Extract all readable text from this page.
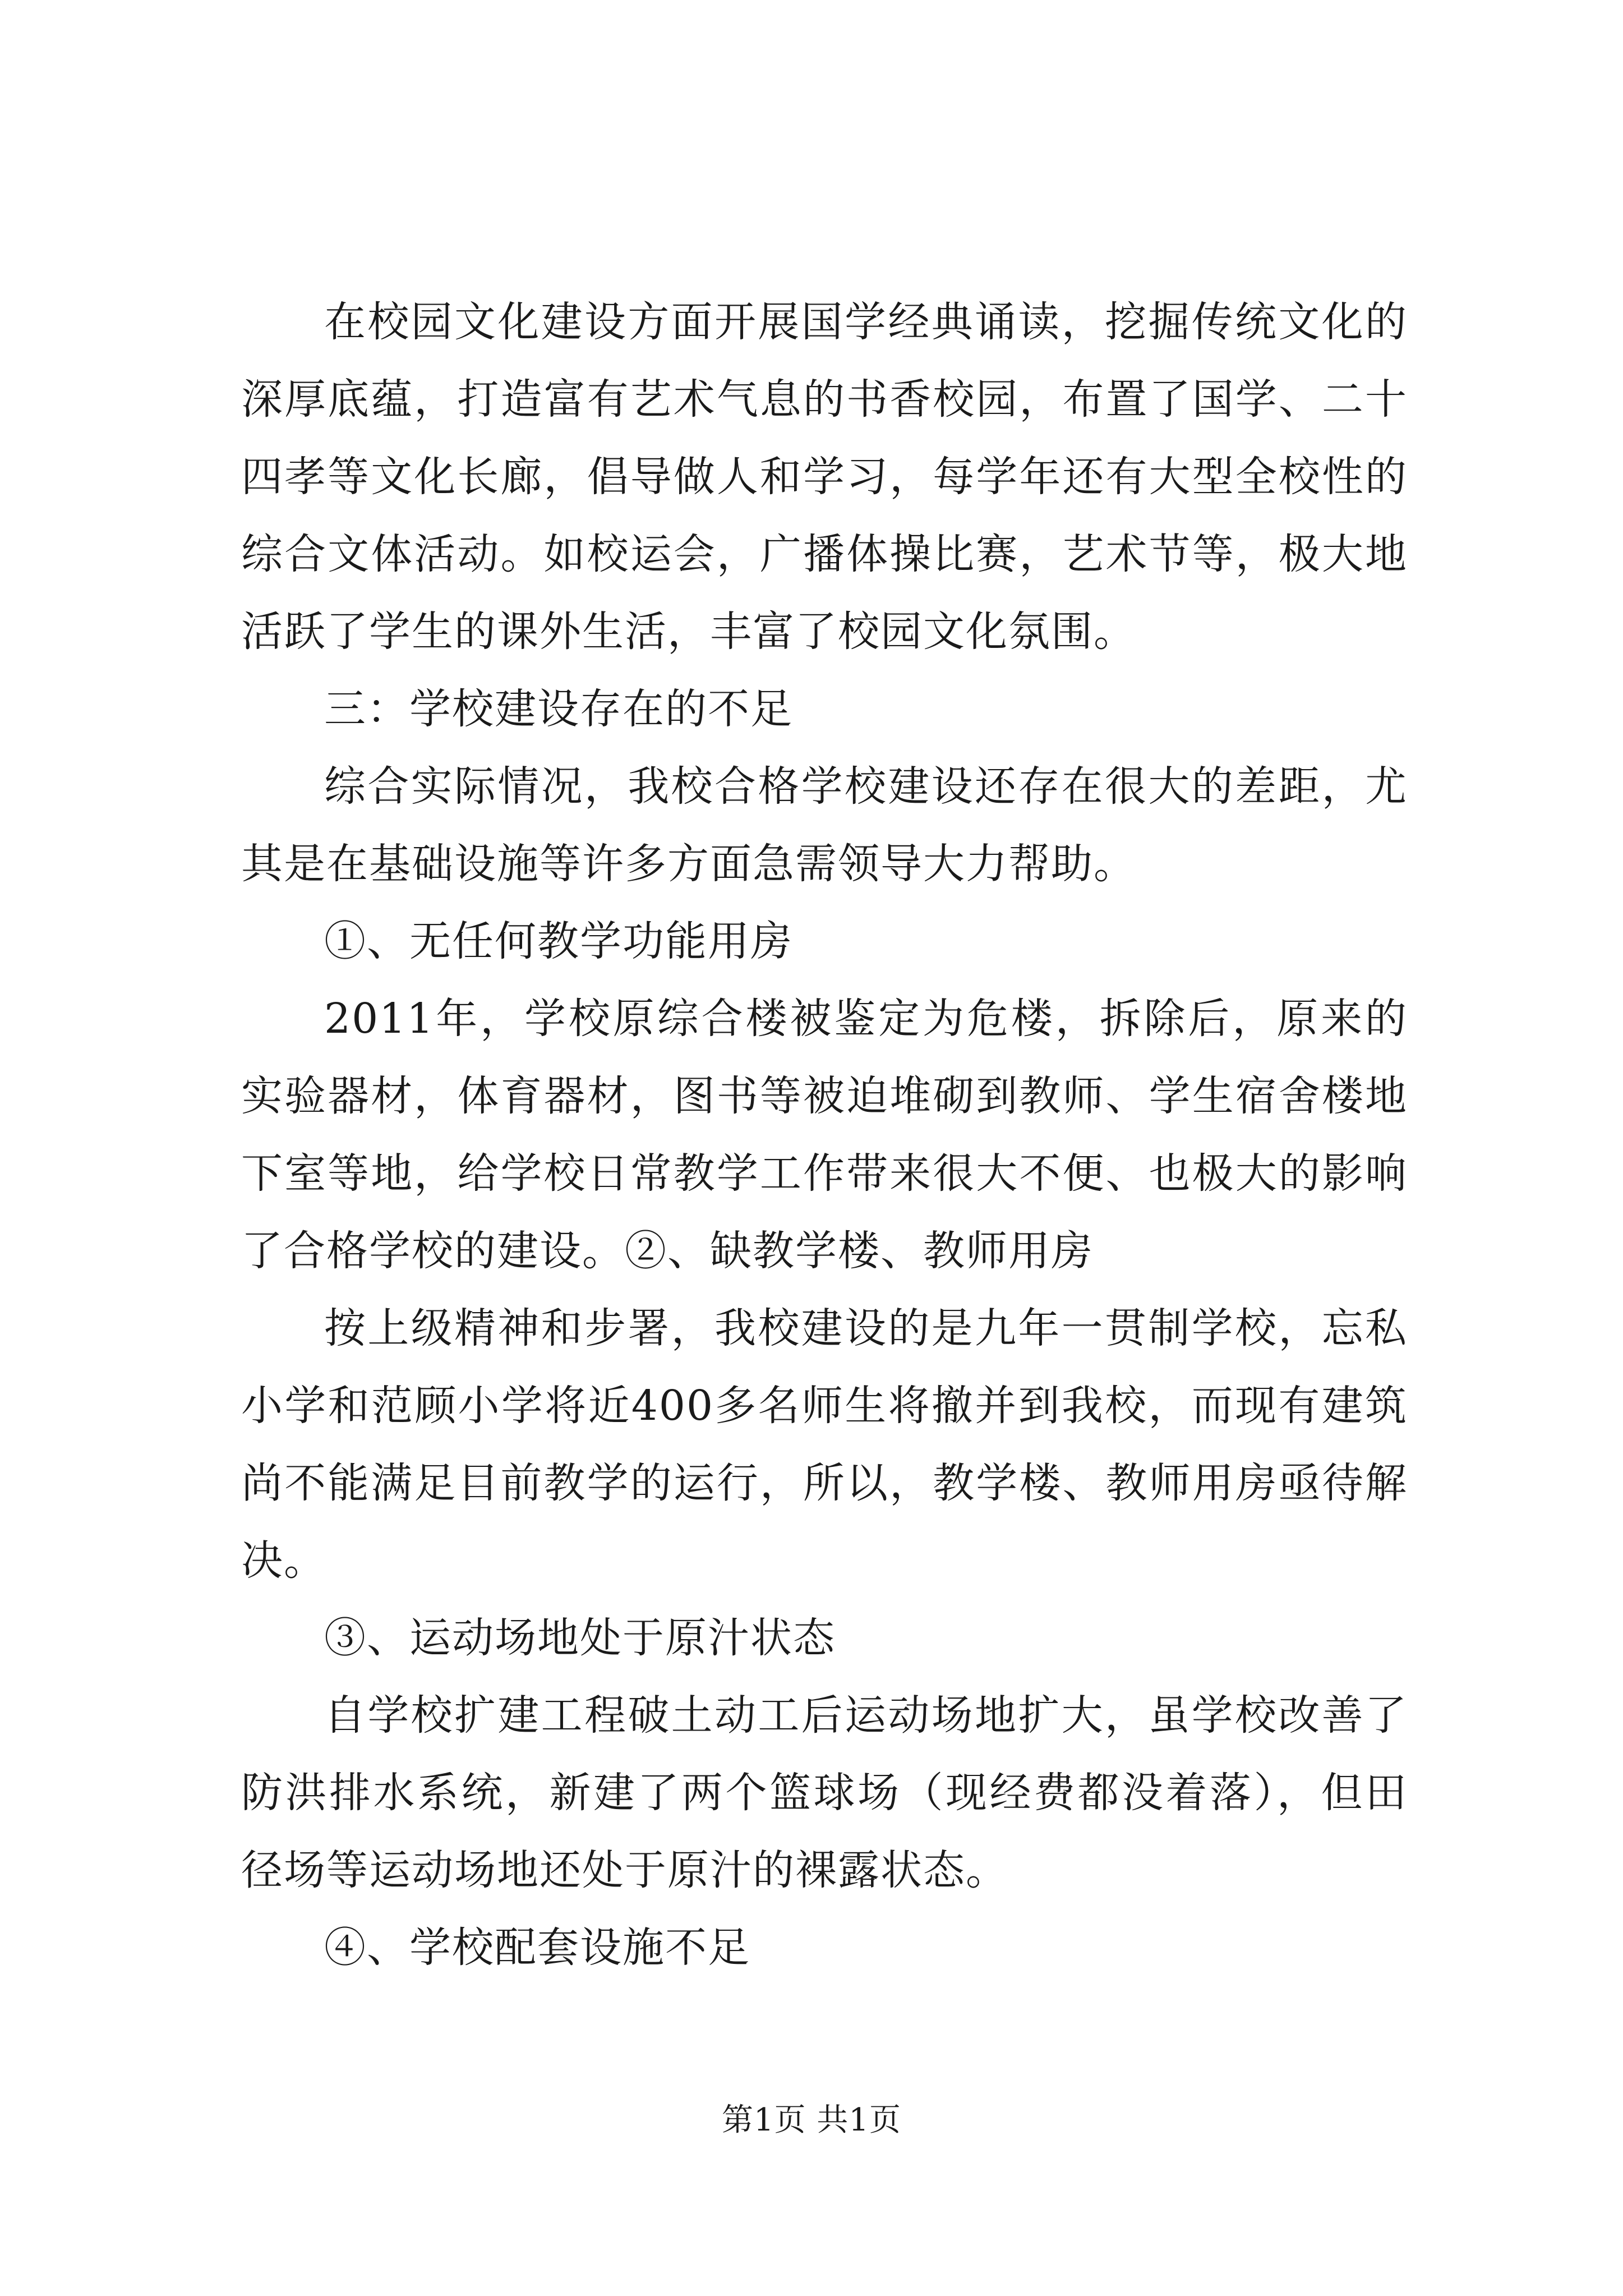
在校园文化建设方面开展国学经典诵读，挖掘传统文化的深厚底蕴，打造富有艺术气息的书香校园，布置了国学、二十四孝等文化长廊，倡导做人和学习，每学年还有大型全校性的综合文体活动。如校运会，广播体操比赛，艺术节等，极大地活跃了学生的课外生活，丰富了校园文化氛围。

三：学校建设存在的不足

综合实际情况，我校合格学校建设还存在很大的差距，尤其是在基础设施等许多方面急需领导大力帮助。

①、无任何教学功能用房

2011年，学校原综合楼被鉴定为危楼，拆除后，原来的实验器材，体育器材，图书等被迫堆砌到教师、学生宿舍楼地下室等地，给学校日常教学工作带来很大不便、也极大的影响了合格学校的建设。②、缺教学楼、教师用房

按上级精神和步署，我校建设的是九年一贯制学校，忘私小学和范顾小学将近400多名师生将撤并到我校，而现有建筑尚不能满足目前教学的运行，所以，教学楼、教师用房亟待解决。

③、运动场地处于原汁状态

自学校扩建工程破土动工后运动场地扩大，虽学校改善了防洪排水系统，新建了两个篮球场（现经费都没着落），但田径场等运动场地还处于原汁的裸露状态。

④、学校配套设施不足

第1页 共1页
